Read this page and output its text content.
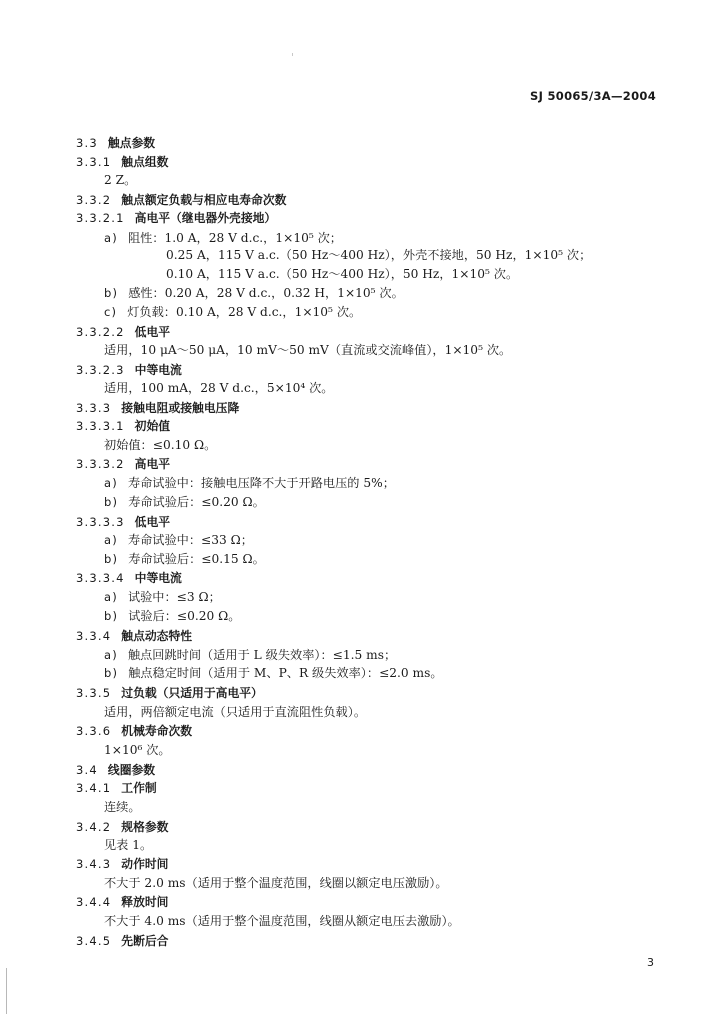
SJ 50065/3A—2004
3.3 触点参数
3.3.1 触点组数
2 Z。
3.3.2 触点额定负载与相应电寿命次数
3.3.2.1 高电平（继电器外壳接地）
a) 阻性：1.0 A，28 V d.c.，1×10⁵ 次；
0.25 A，115 V a.c.（50 Hz～400 Hz），外壳不接地，50 Hz，1×10⁵ 次；
0.10 A，115 V a.c.（50 Hz～400 Hz），50 Hz，1×10⁵ 次。
b) 感性：0.20 A，28 V d.c.，0.32 H，1×10⁵ 次。
c) 灯负载：0.10 A，28 V d.c.，1×10⁵ 次。
3.3.2.2 低电平
适用，10 μA～50 μA，10 mV～50 mV（直流或交流峰值），1×10⁵ 次。
3.3.2.3 中等电流
适用，100 mA，28 V d.c.，5×10⁴ 次。
3.3.3 接触电阻或接触电压降
3.3.3.1 初始值
初始值：≤0.10 Ω。
3.3.3.2 高电平
a) 寿命试验中：接触电压降不大于开路电压的 5%；
b) 寿命试验后：≤0.20 Ω。
3.3.3.3 低电平
a) 寿命试验中：≤33 Ω；
b) 寿命试验后：≤0.15 Ω。
3.3.3.4 中等电流
a) 试验中：≤3 Ω；
b) 试验后：≤0.20 Ω。
3.3.4 触点动态特性
a) 触点回跳时间（适用于 L 级失效率）：≤1.5 ms；
b) 触点稳定时间（适用于 M、P、R 级失效率）：≤2.0 ms。
3.3.5 过负载（只适用于高电平）
适用，两倍额定电流（只适用于直流阻性负载）。
3.3.6 机械寿命次数
1×10⁶ 次。
3.4 线圈参数
3.4.1 工作制
连续。
3.4.2 规格参数
见表 1。
3.4.3 动作时间
不大于 2.0 ms（适用于整个温度范围，线圈以额定电压激励）。
3.4.4 释放时间
不大于 4.0 ms（适用于整个温度范围，线圈从额定电压去激励）。
3.4.5 先断后合
3
